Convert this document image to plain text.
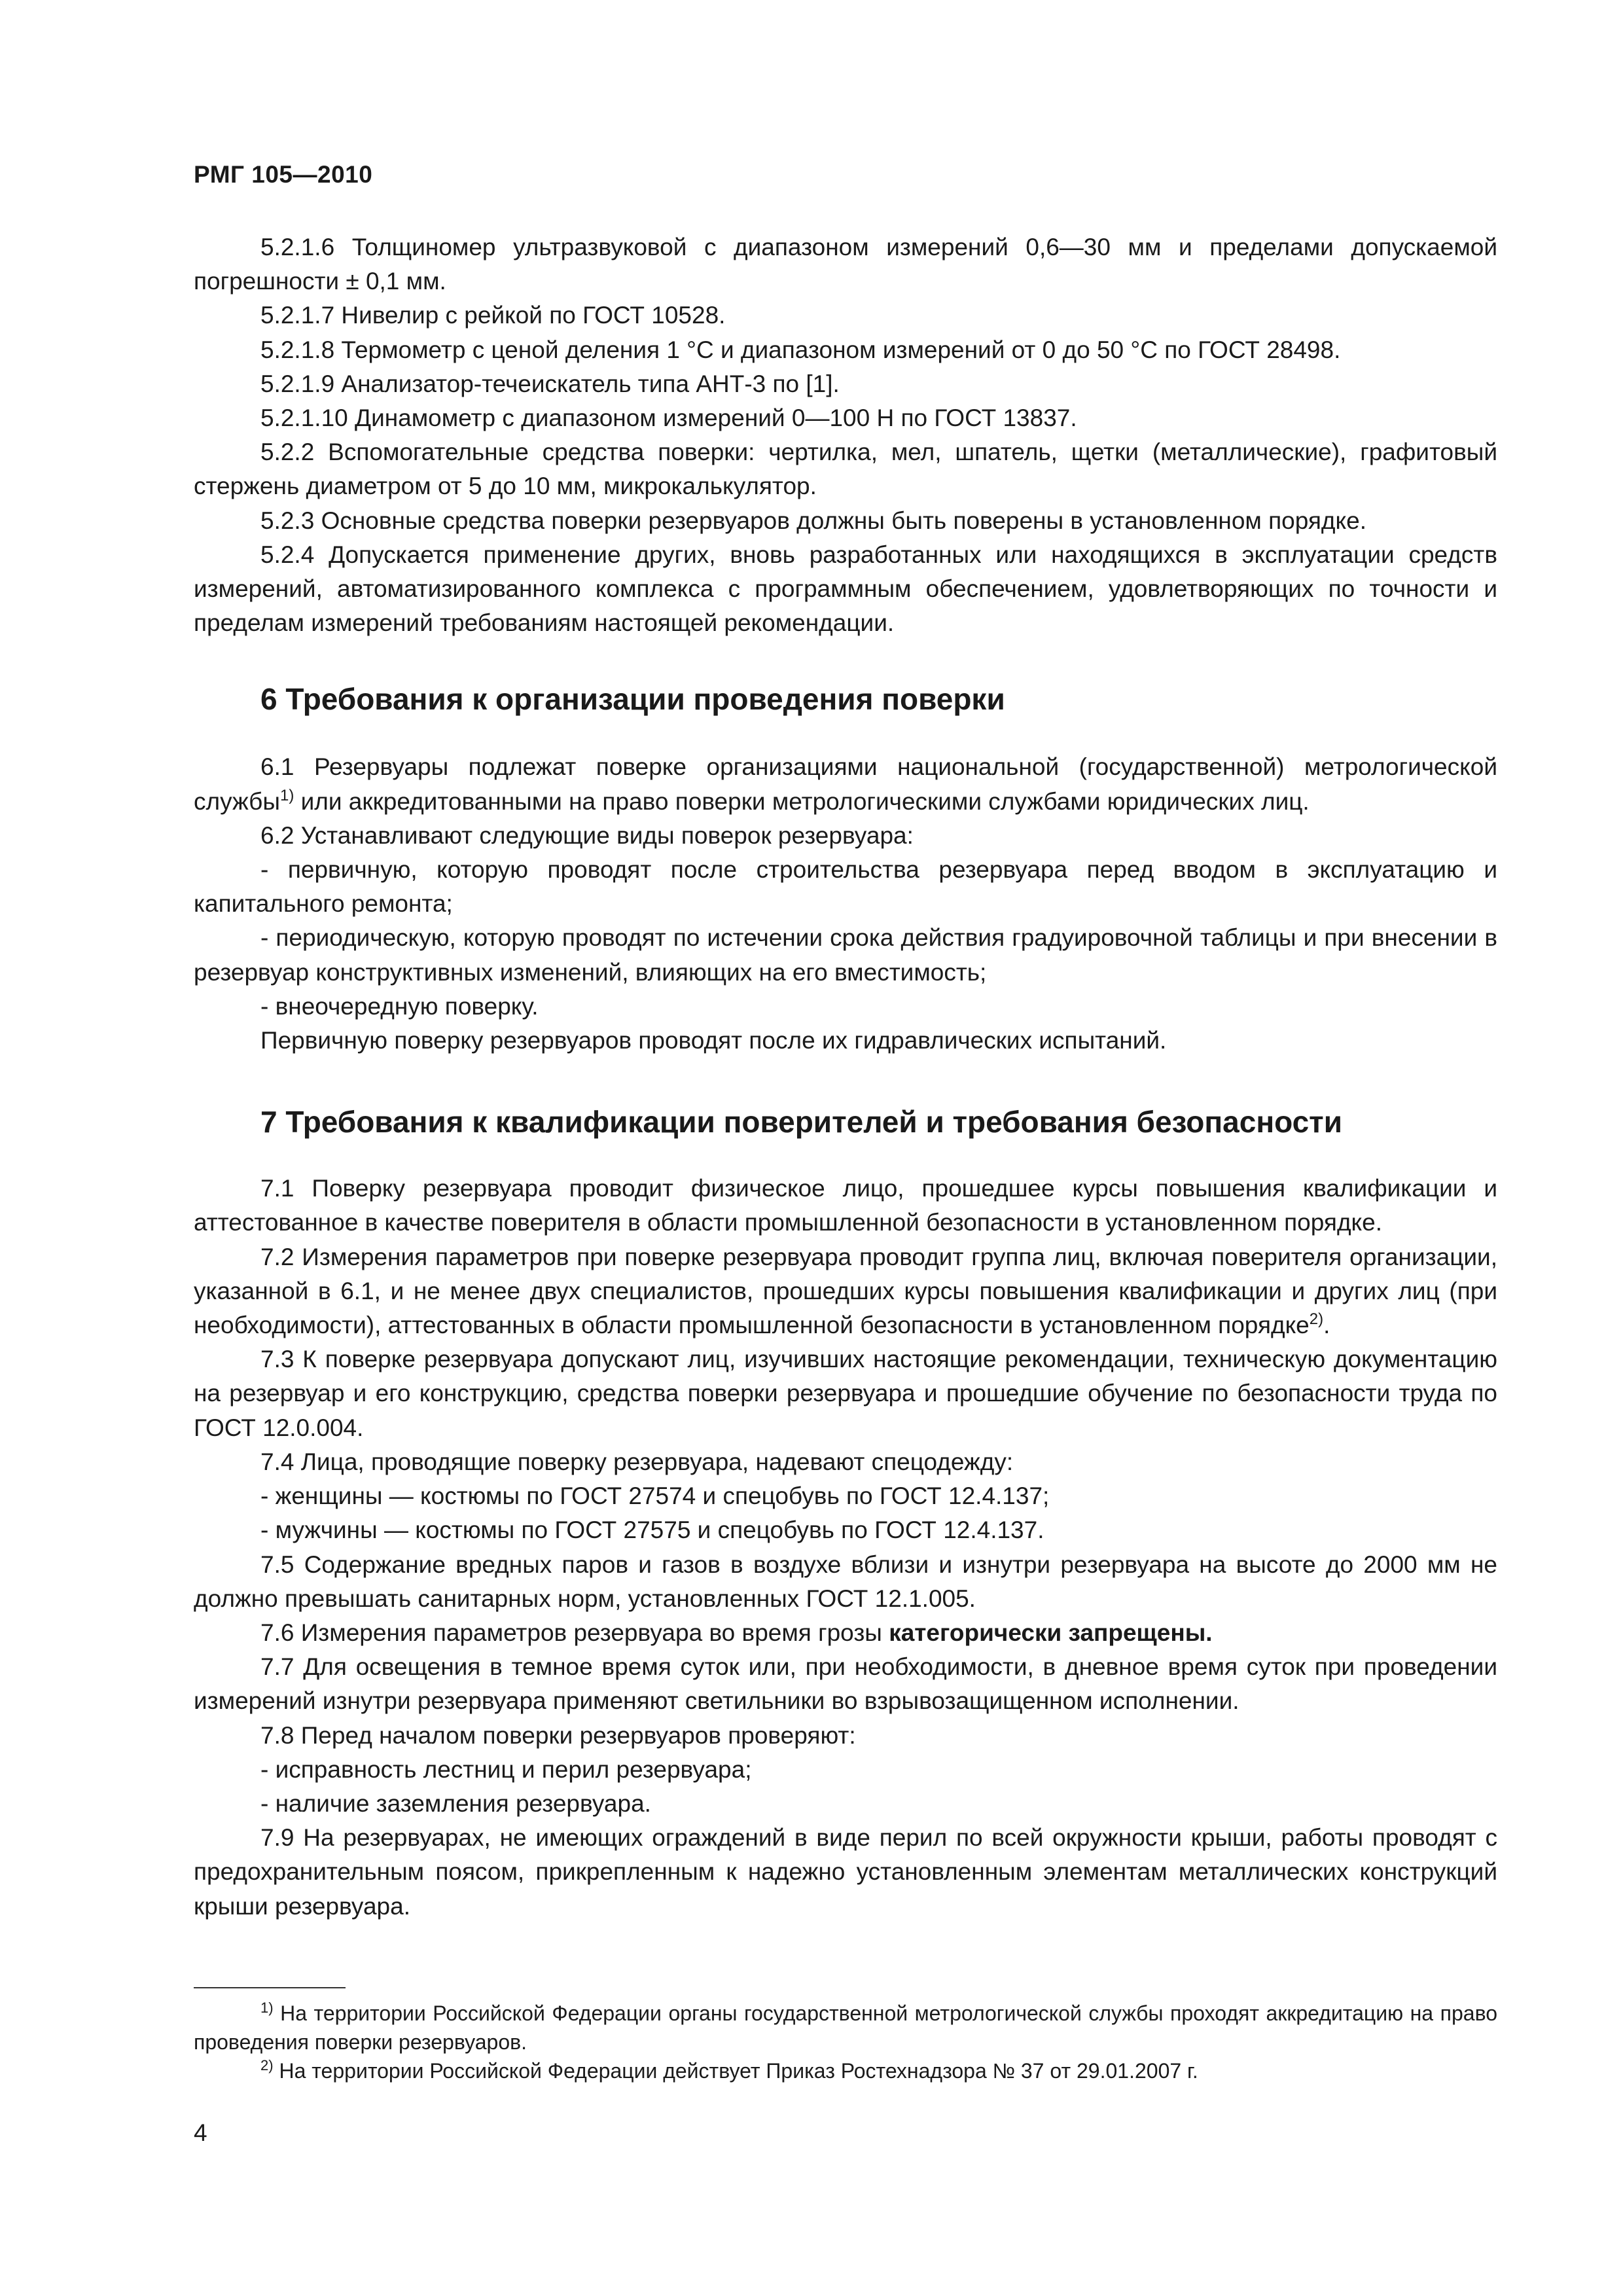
РМГ 105—2010

5.2.1.6 Толщиномер ультразвуковой с диапазоном измерений 0,6—30 мм и пределами допускаемой погрешности ± 0,1 мм.

5.2.1.7 Нивелир с рейкой по ГОСТ 10528.

5.2.1.8 Термометр с ценой деления 1 °С и диапазоном измерений от 0 до 50 °С по ГОСТ 28498.

5.2.1.9 Анализатор-течеискатель типа АНТ-3 по [1].

5.2.1.10 Динамометр с диапазоном измерений 0—100 Н по ГОСТ 13837.

5.2.2 Вспомогательные средства поверки: чертилка, мел, шпатель, щетки (металлические), графитовый стержень диаметром от 5 до 10 мм, микрокалькулятор.

5.2.3 Основные средства поверки резервуаров должны быть поверены в установленном порядке.

5.2.4 Допускается применение других, вновь разработанных или находящихся в эксплуатации средств измерений, автоматизированного комплекса с программным обеспечением, удовлетворяющих по точности и пределам измерений требованиям настоящей рекомендации.

6 Требования к организации проведения поверки

6.1 Резервуары подлежат поверке организациями национальной (государственной) метрологической службы$^{1)}$ или аккредитованными на право поверки метрологическими службами юридических лиц.

6.2 Устанавливают следующие виды поверок резервуара:

- первичную, которую проводят после строительства резервуара перед вводом в эксплуатацию и капитального ремонта;

- периодическую, которую проводят по истечении срока действия градуировочной таблицы и при внесении в резервуар конструктивных изменений, влияющих на его вместимость;

- внеочередную поверку.

Первичную поверку резервуаров проводят после их гидравлических испытаний.

7 Требования к квалификации поверителей и требования безопасности

7.1 Поверку резервуара проводит физическое лицо, прошедшее курсы повышения квалификации и аттестованное в качестве поверителя в области промышленной безопасности в установленном порядке.

7.2 Измерения параметров при поверке резервуара проводит группа лиц, включая поверителя организации, указанной в 6.1, и не менее двух специалистов, прошедших курсы повышения квалификации и других лиц (при необходимости), аттестованных в области промышленной безопасности в установленном порядке$^{2)}$.

7.3 К поверке резервуара допускают лиц, изучивших настоящие рекомендации, техническую документацию на резервуар и его конструкцию, средства поверки резервуара и прошедшие обучение по безопасности труда по ГОСТ 12.0.004.

7.4 Лица, проводящие поверку резервуара, надевают спецодежду:

- женщины — костюмы по ГОСТ 27574 и спецобувь по ГОСТ 12.4.137;

- мужчины — костюмы по ГОСТ 27575 и спецобувь по ГОСТ 12.4.137.

7.5 Содержание вредных паров и газов в воздухе вблизи и изнутри резервуара на высоте до 2000 мм не должно превышать санитарных норм, установленных ГОСТ 12.1.005.

7.6 Измерения параметров резервуара во время грозы категорически запрещены.

7.7 Для освещения в темное время суток или, при необходимости, в дневное время суток при проведении измерений изнутри резервуара применяют светильники во взрывозащищенном исполнении.

7.8 Перед началом поверки резервуаров проверяют:

- исправность лестниц и перил резервуара;

- наличие заземления резервуара.

7.9 На резервуарах, не имеющих ограждений в виде перил по всей окружности крыши, работы проводят с предохранительным поясом, прикрепленным к надежно установленным элементам металлических конструкций крыши резервуара.

$^{1)}$ На территории Российской Федерации органы государственной метрологической службы проходят аккредитацию на право проведения поверки резервуаров.

$^{2)}$ На территории Российской Федерации действует Приказ Ростехнадзора № 37 от 29.01.2007 г.

4
